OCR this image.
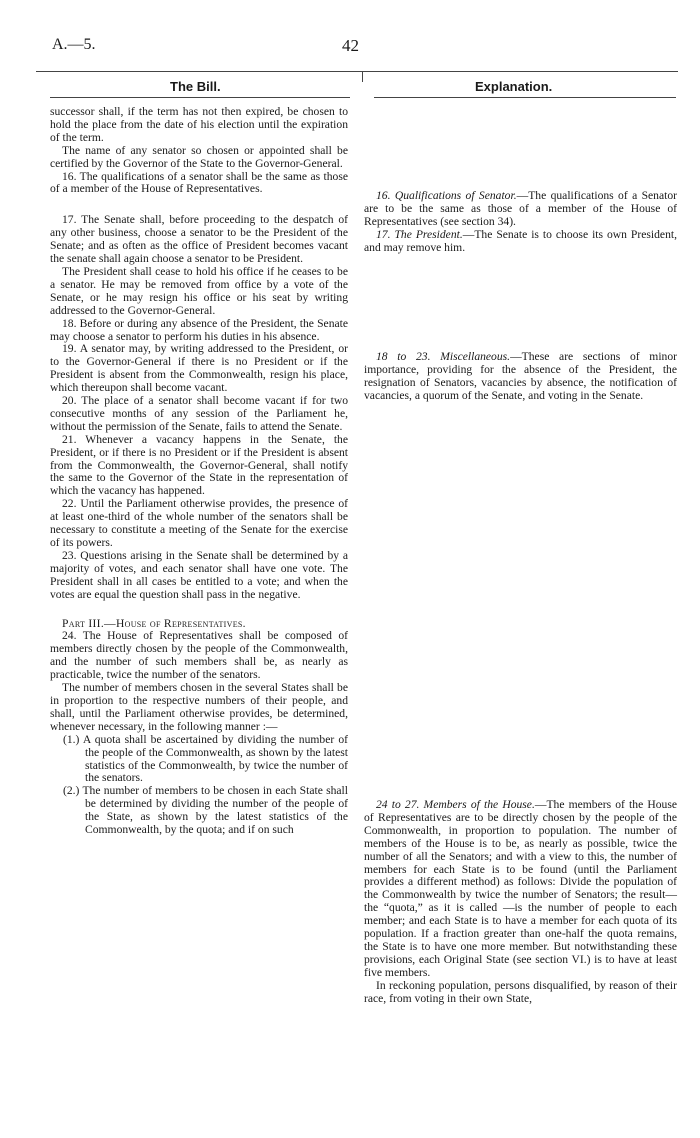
A.—5.	42
The Bill.	Explanation.

successor shall, if the term has not then expired, be chosen to hold the place from the date of his election until the expiration of the term.

The name of any senator so chosen or appointed shall be certified by the Governor of the State to the Governor-General.

16. The qualifications of a senator shall be the same as those of a member of the House of Representatives.

17. The Senate shall, before proceeding to the despatch of any other business, choose a senator to be the President of the Senate; and as often as the office of President becomes vacant the senate shall again choose a senator to be President.

The President shall cease to hold his office if he ceases to be a senator. He may be removed from office by a vote of the Senate, or he may resign his office or his seat by writing addressed to the Governor-General.

18. Before or during any absence of the President, the Senate may choose a senator to perform his duties in his absence.

19. A senator may, by writing addressed to the President, or to the Governor-General if there is no President or if the President is absent from the Commonwealth, resign his place, which thereupon shall become vacant.

20. The place of a senator shall become vacant if for two consecutive months of any session of the Parliament he, without the permission of the Senate, fails to attend the Senate.

21. Whenever a vacancy happens in the Senate, the President, or if there is no President or if the President is absent from the Commonwealth, the Governor-General, shall notify the same to the Governor of the State in the representation of which the vacancy has happened.

22. Until the Parliament otherwise provides, the presence of at least one-third of the whole number of the senators shall be necessary to constitute a meeting of the Senate for the exercise of its powers.

23. Questions arising in the Senate shall be determined by a majority of votes, and each senator shall have one vote. The President shall in all cases be entitled to a vote; and when the votes are equal the question shall pass in the negative.

Part III.—House of Representatives.

24. The House of Representatives shall be composed of members directly chosen by the people of the Commonwealth, and the number of such members shall be, as nearly as practicable, twice the number of the senators.

The number of members chosen in the several States shall be in proportion to the respective numbers of their people, and shall, until the Parliament otherwise provides, be determined, whenever necessary, in the following manner :—

(1.) A quota shall be ascertained by dividing the number of the people of the Commonwealth, as shown by the latest statistics of the Commonwealth, by twice the number of the senators.

(2.) The number of members to be chosen in each State shall be determined by dividing the number of the people of the State, as shown by the latest statistics of the Commonwealth, by the quota; and if on such

16. Qualifications of Senator.—The qualifications of a Senator are to be the same as those of a member of the House of Representatives (see section 34).

17. The President.—The Senate is to choose its own President, and may remove him.

18 to 23. Miscellaneous.—These are sections of minor importance, providing for the absence of the President, the resignation of Senators, vacancies by absence, the notification of vacancies, a quorum of the Senate, and voting in the Senate.

24 to 27. Members of the House.—The members of the House of Representatives are to be directly chosen by the people of the Commonwealth, in proportion to population. The number of members of the House is to be, as nearly as possible, twice the number of all the Senators; and with a view to this, the number of members for each State is to be found (until the Parliament provides a different method) as follows: Divide the population of the Commonwealth by twice the number of Senators; the result—the “quota,” as it is called —is the number of people to each member; and each State is to have a member for each quota of its population. If a fraction greater than one-half the quota remains, the State is to have one more member. But notwithstanding these provisions, each Original State (see section VI.) is to have at least five members.

In reckoning population, persons disqualified, by reason of their race, from voting in their own State,
